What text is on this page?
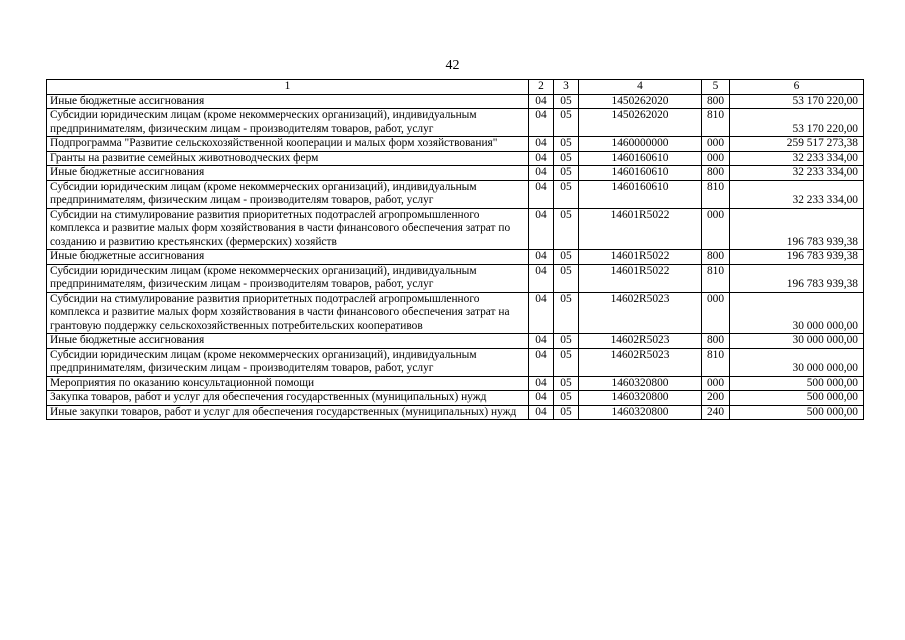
42
1	2	3	4	5	6
Иные бюджетные ассигнования	04	05	1450262020	800	53 170 220,00
Субсидии юридическим лицам (кроме некоммерческих организаций), индивидуальным предпринимателям, физическим лицам - производителям товаров, работ, услуг	04	05	1450262020	810	53 170 220,00
Подпрограмма "Развитие сельскохозяйственной кооперации и малых форм хозяйствования"	04	05	1460000000	000	259 517 273,38
Гранты на развитие семейных животноводческих ферм	04	05	1460160610	000	32 233 334,00
Иные бюджетные ассигнования	04	05	1460160610	800	32 233 334,00
Субсидии юридическим лицам (кроме некоммерческих организаций), индивидуальным предпринимателям, физическим лицам - производителям товаров, работ, услуг	04	05	1460160610	810	32 233 334,00
Субсидии на стимулирование развития приоритетных подотраслей агропромышленного комплекса и развитие малых форм хозяйствования в части финансового обеспечения затрат по созданию и развитию крестьянских (фермерских) хозяйств	04	05	14601R5022	000	196 783 939,38
Иные бюджетные ассигнования	04	05	14601R5022	800	196 783 939,38
Субсидии юридическим лицам (кроме некоммерческих организаций), индивидуальным предпринимателям, физическим лицам - производителям товаров, работ, услуг	04	05	14601R5022	810	196 783 939,38
Субсидии на стимулирование развития приоритетных подотраслей агропромышленного комплекса и развитие малых форм хозяйствования в части финансового обеспечения затрат на грантовую поддержку сельскохозяйственных потребительских кооперативов	04	05	14602R5023	000	30 000 000,00
Иные бюджетные ассигнования	04	05	14602R5023	800	30 000 000,00
Субсидии юридическим лицам (кроме некоммерческих организаций), индивидуальным предпринимателям, физическим лицам - производителям товаров, работ, услуг	04	05	14602R5023	810	30 000 000,00
Мероприятия по оказанию консультационной помощи	04	05	1460320800	000	500 000,00
Закупка товаров, работ и услуг для обеспечения государственных (муниципальных) нужд	04	05	1460320800	200	500 000,00
Иные закупки товаров, работ и услуг для обеспечения государственных (муниципальных) нужд	04	05	1460320800	240	500 000,00
